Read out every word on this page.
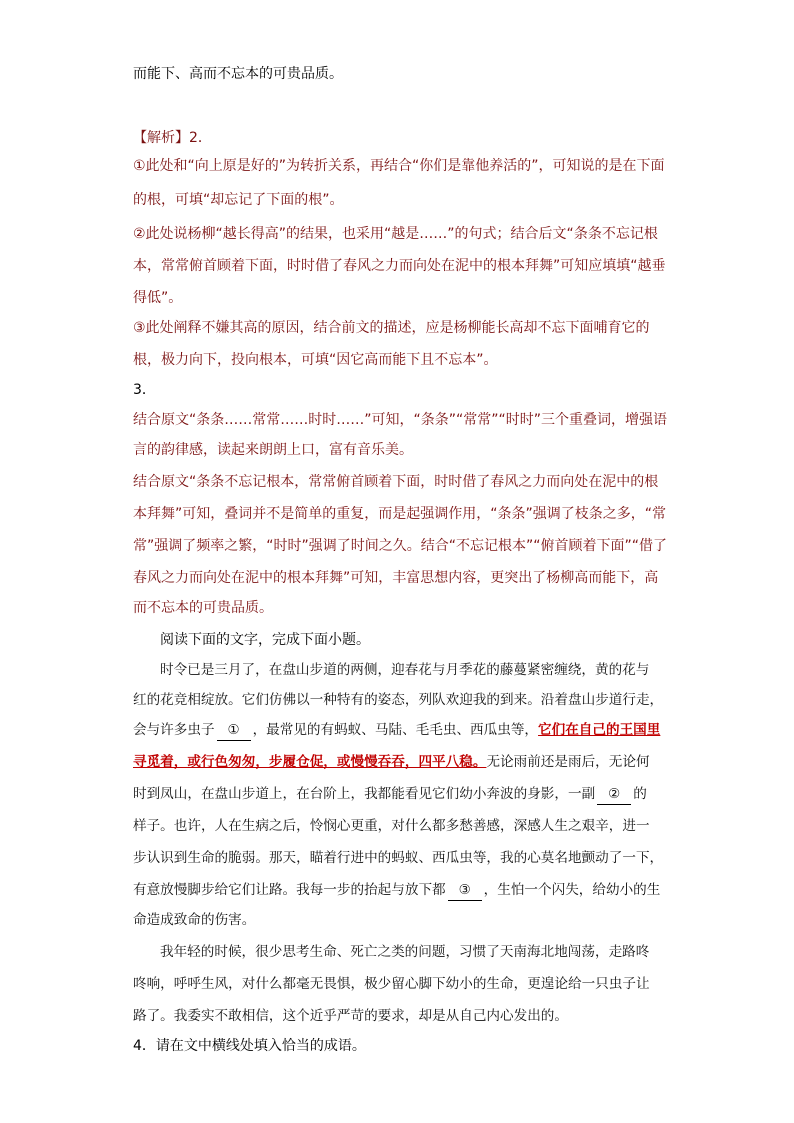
而能下、高而不忘本的可贵品质。
【解析】2．
①此处和“向上原是好的”为转折关系，再结合“你们是靠他养活的”，可知说的是在下面
的根，可填“却忘记了下面的根”。
②此处说杨柳“越长得高”的结果，也采用“越是……”的句式；结合后文“条条不忘记根
本，常常俯首顾着下面，时时借了春风之力而向处在泥中的根本拜舞”可知应填填“越垂
得低”。
③此处阐释不嫌其高的原因，结合前文的描述，应是杨柳能长高却不忘下面哺育它的
根，极力向下，投向根本，可填“因它高而能下且不忘本”。
3．
结合原文“条条……常常……时时……”可知，“条条”“常常”“时时”三个重叠词，增强语
言的韵律感，读起来朗朗上口，富有音乐美。
结合原文“条条不忘记根本，常常俯首顾着下面，时时借了春风之力而向处在泥中的根
本拜舞”可知，叠词并不是简单的重复，而是起强调作用，“条条”强调了枝条之多，“常
常”强调了频率之繁，“时时”强调了时间之久。结合“不忘记根本”“俯首顾着下面”“借了
春风之力而向处在泥中的根本拜舞”可知，丰富思想内容，更突出了杨柳高而能下，高
而不忘本的可贵品质。
阅读下面的文字，完成下面小题。
时令已是三月了，在盘山步道的两侧，迎春花与月季花的藤蔓紧密缠绕，黄的花与
红的花竞相绽放。它们仿佛以一种特有的姿态，列队欢迎我的到来。沿着盘山步道行走，
会与许多虫子 ① ，最常见的有蚂蚁、马陆、毛毛虫、西瓜虫等，它们在自己的王国里
寻觅着，或行色匆匆，步履仓促，或慢慢吞吞，四平八稳。无论雨前还是雨后，无论何
时到凤山，在盘山步道上，在台阶上，我都能看见它们幼小奔波的身影，一副 ② 的
样子。也许，人在生病之后，怜悯心更重，对什么都多愁善感，深感人生之艰辛，进一
步认识到生命的脆弱。那天，瞄着行进中的蚂蚁、西瓜虫等，我的心莫名地颤动了一下，
有意放慢脚步给它们让路。我每一步的抬起与放下都 ③ ，生怕一个闪失，给幼小的生
命造成致命的伤害。
我年轻的时候，很少思考生命、死亡之类的问题，习惯了天南海北地闯荡，走路咚
咚响，呼呼生风，对什么都毫无畏惧，极少留心脚下幼小的生命，更遑论给一只虫子让
路了。我委实不敢相信，这个近乎严苛的要求，却是从自己内心发出的。
4．请在文中横线处填入恰当的成语。
